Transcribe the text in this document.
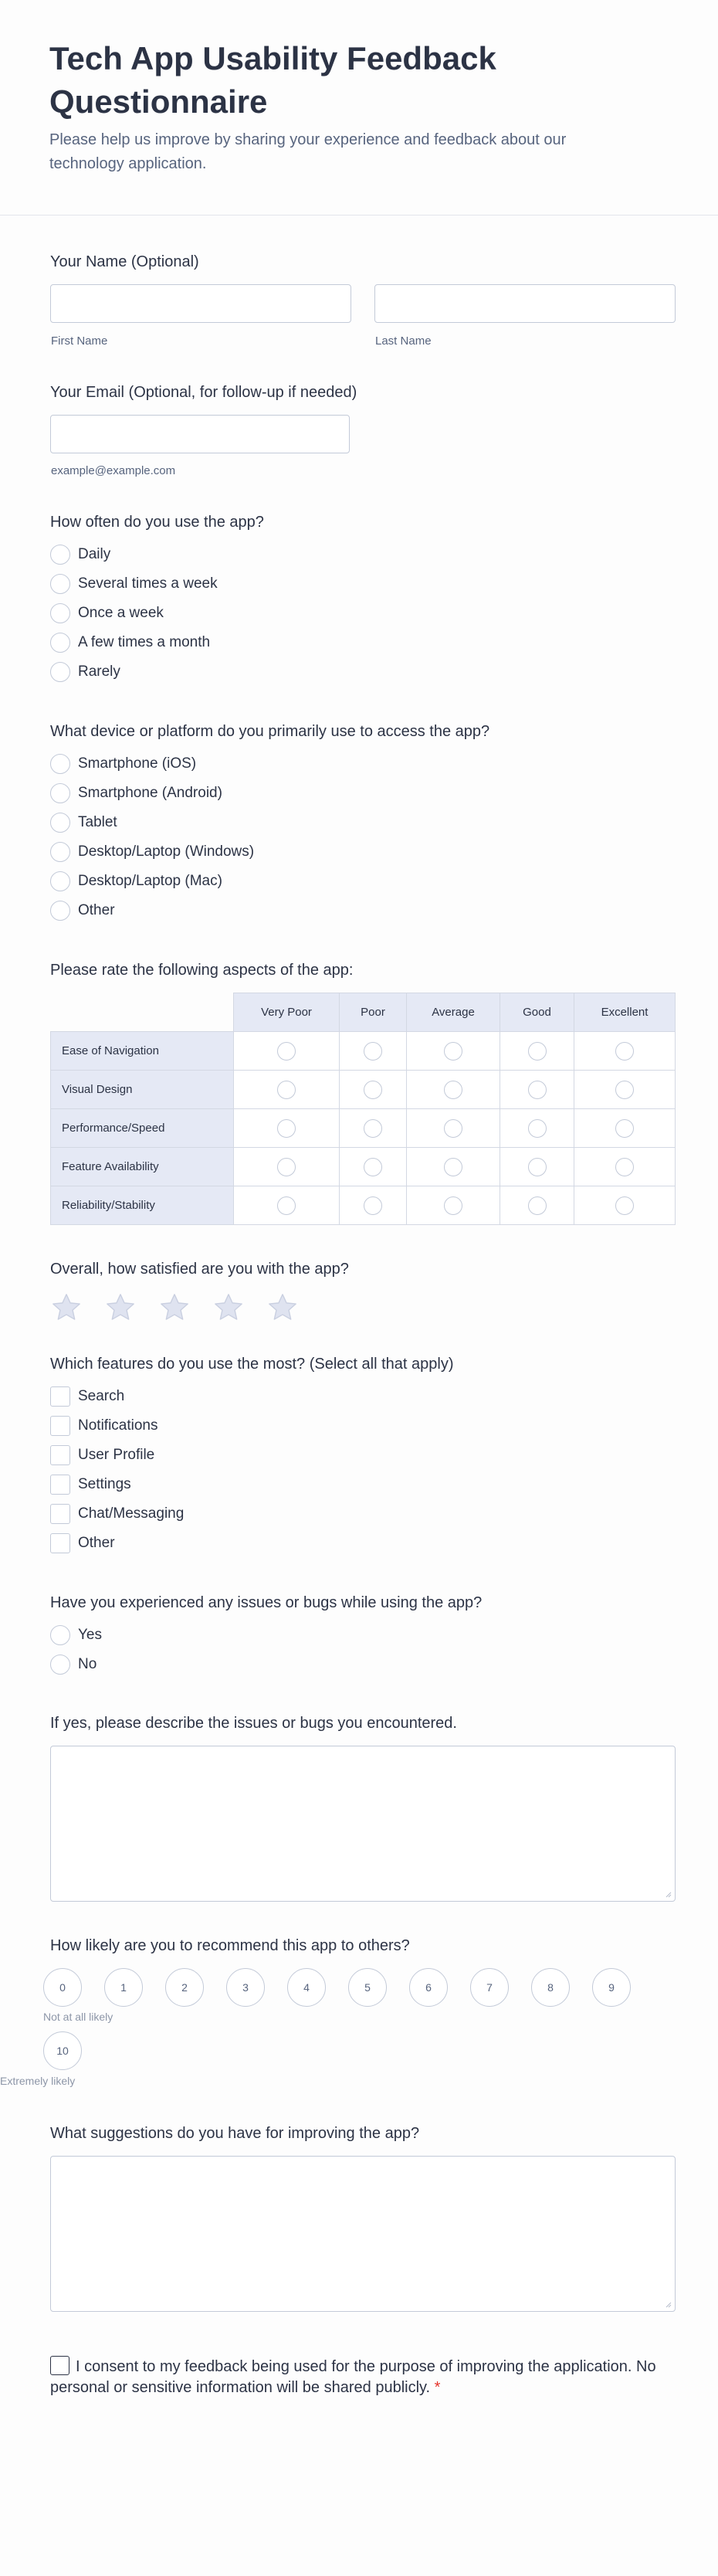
Tech App Usability Feedback Questionnaire

Please help us improve by sharing your experience and feedback about our technology application.

Your Name (Optional)
First Name	Last Name
Your Email (Optional, for follow-up if needed)
example@example.com
How often do you use the app?
Daily
Several times a week
Once a week
A few times a month
Rarely
What device or platform do you primarily use to access the app?
Smartphone (iOS)
Smartphone (Android)
Tablet
Desktop/Laptop (Windows)
Desktop/Laptop (Mac)
Other
Please rate the following aspects of the app:
	Very Poor	Poor	Average	Good	Excellent
Ease of Navigation					
Visual Design					
Performance/Speed					
Feature Availability					
Reliability/Stability					
Overall, how satisfied are you with the app?
Which features do you use the most? (Select all that apply)
Search
Notifications
User Profile
Settings
Chat/Messaging
Other
Have you experienced any issues or bugs while using the app?
Yes
No
If yes, please describe the issues or bugs you encountered.
How likely are you to recommend this app to others?
0	1	2	3	4	5	6	7	8	9
Not at all likely
10
Extremely likely
What suggestions do you have for improving the app?
I consent to my feedback being used for the purpose of improving the application. No personal or sensitive information will be shared publicly. *
